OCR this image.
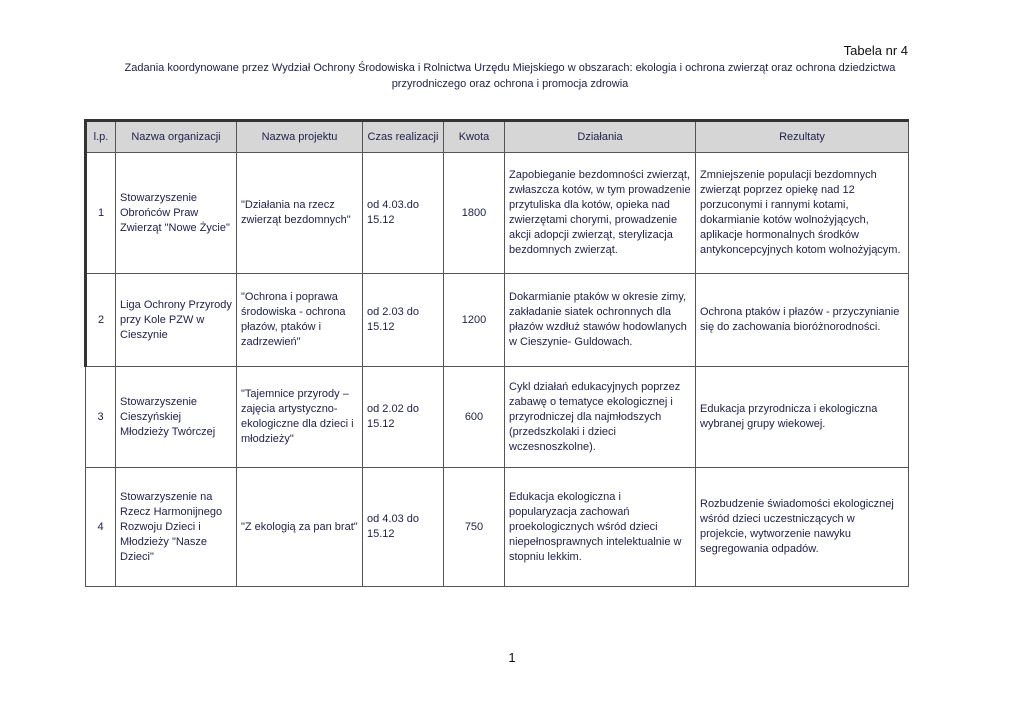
Tabela nr 4
Zadania koordynowane przez Wydział Ochrony Środowiska i Rolnictwa Urzędu Miejskiego w obszarach: ekologia i ochrona zwierząt oraz ochrona dziedzictwa
przyrodniczego oraz ochrona i promocja zdrowia
l.p.	Nazwa organizacji	Nazwa projektu	Czas realizacji	Kwota	Działania	Rezultaty
1	Stowarzyszenie Obrońców Praw Zwierząt "Nowe Życie"	"Działania na rzecz zwierząt bezdomnych"	od 4.03.do 15.12	1800	Zapobieganie bezdomności zwierząt, zwłaszcza kotów, w tym prowadzenie przytuliska dla kotów, opieka nad zwierzętami chorymi, prowadzenie akcji adopcji zwierząt, sterylizacja bezdomnych zwierząt.	Zmniejszenie populacji bezdomnych zwierząt poprzez opiekę nad 12 porzuconymi i rannymi kotami, dokarmianie kotów wolnożyjących, aplikacje hormonalnych środków antykoncepcyjnych kotom wolnożyjącym.
2	Liga Ochrony Przyrody przy Kole PZW w Cieszynie	"Ochrona i poprawa środowiska - ochrona płazów, ptaków i zadrzewień"	od 2.03 do 15.12	1200	Dokarmianie ptaków w okresie zimy, zakładanie siatek ochronnych dla płazów wzdłuż stawów hodowlanych w Cieszynie- Guldowach.	Ochrona ptaków i płazów - przyczynianie się do zachowania bioróżnorodności.
3	Stowarzyszenie Cieszyńskiej Młodzieży Twórczej	"Tajemnice przyrody – zajęcia artystyczno-ekologiczne dla dzieci i młodzieży"	od 2.02 do 15.12	600	Cykl działań edukacyjnych poprzez zabawę o tematyce ekologicznej i przyrodniczej dla najmłodszych (przedszkolaki i dzieci wczesnoszkolne).	Edukacja przyrodnicza i ekologiczna wybranej grupy wiekowej.
4	Stowarzyszenie na Rzecz Harmonijnego Rozwoju Dzieci i Młodzieży "Nasze Dzieci"	"Z ekologią za pan brat"	od 4.03 do 15.12	750	Edukacja ekologiczna i popularyzacja zachowań proekologicznych wśród dzieci niepełnosprawnych intelektualnie w stopniu lekkim.	Rozbudzenie świadomości ekologicznej wśród dzieci uczestniczących w projekcie, wytworzenie nawyku segregowania odpadów.
1
